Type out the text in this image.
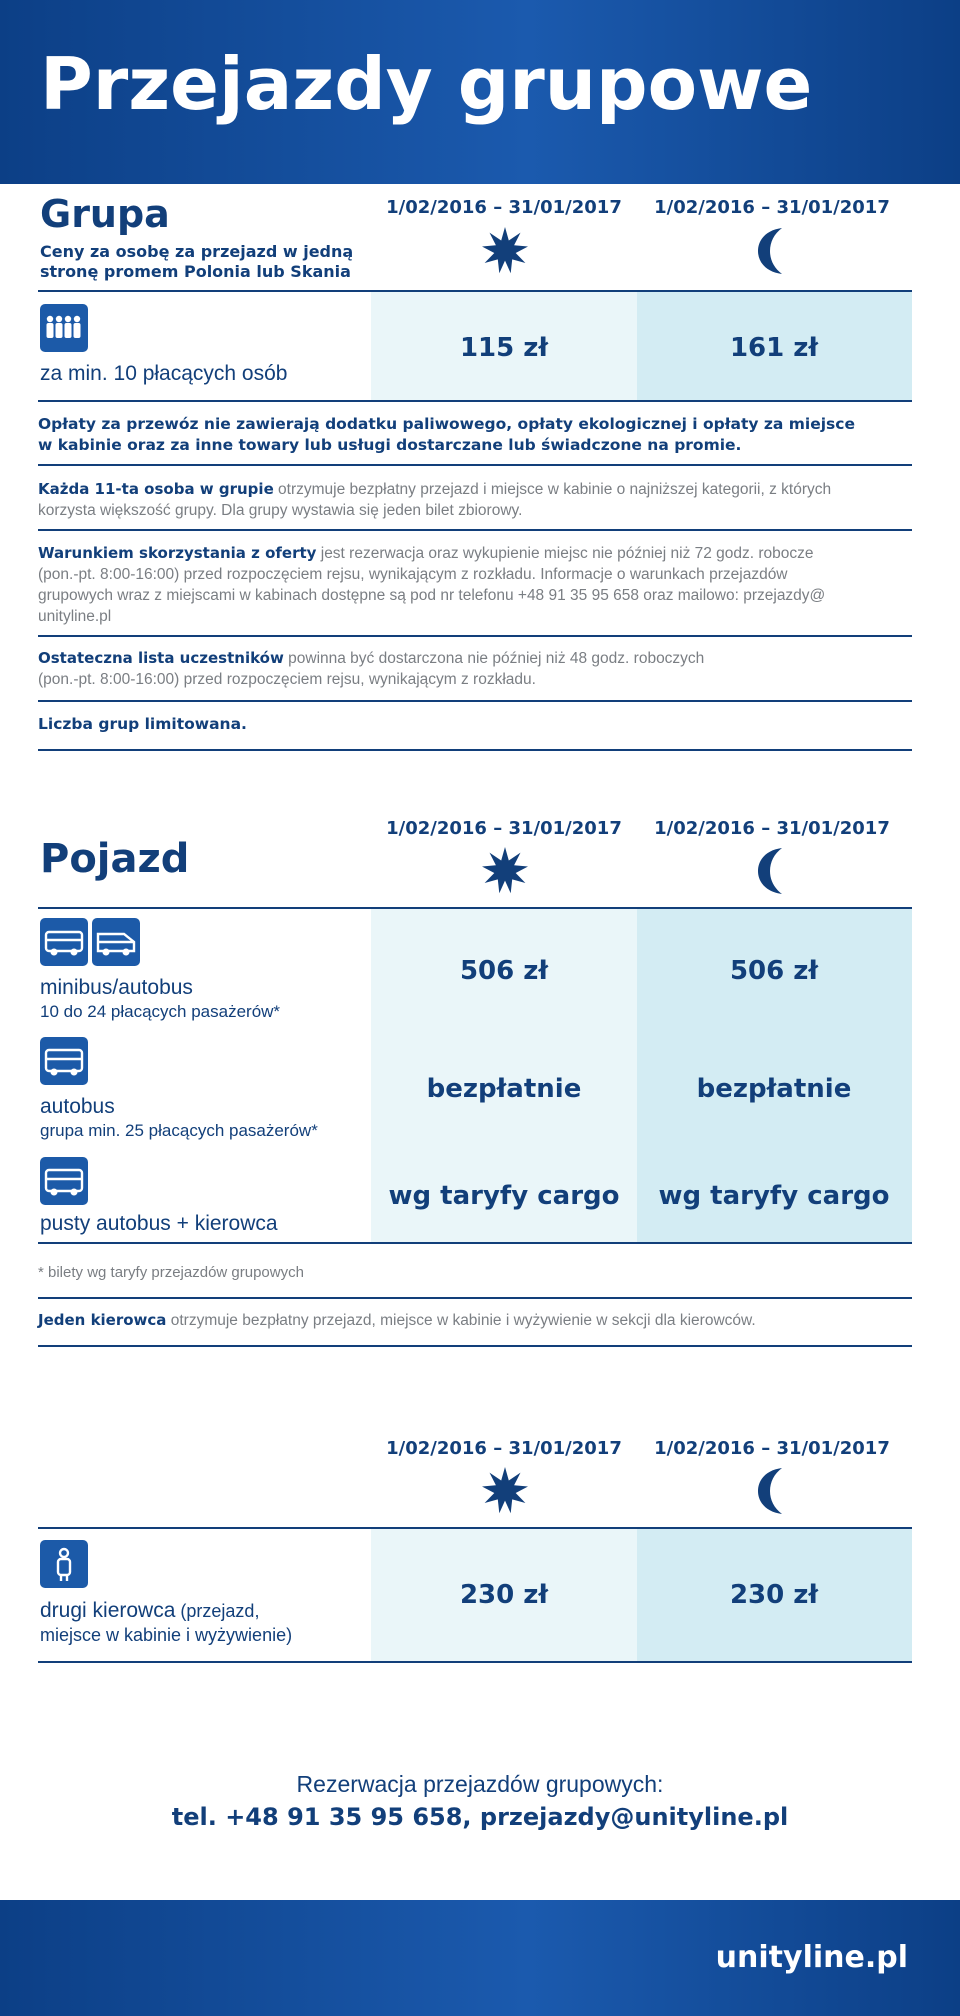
Przejazdy grupowe
Grupa
Ceny za osobę za przejazd w jedną
stronę promem Polonia lub Skania
1/02/2016 – 31/01/2017	1/02/2016 – 31/01/2017
za min. 10 płacących osób
115 zł	161 zł
Opłaty za przewóz nie zawierają dodatku paliwowego, opłaty ekologicznej i opłaty za miejsce
w kabinie oraz za inne towary lub usługi dostarczane lub świadczone na promie.
Każda 11-ta osoba w grupie otrzymuje bezpłatny przejazd i miejsce w kabinie o najniższej kategorii, z których
korzysta większość grupy. Dla grupy wystawia się jeden bilet zbiorowy.
Warunkiem skorzystania z oferty jest rezerwacja oraz wykupienie miejsc nie później niż 72 godz. robocze
(pon.-pt. 8:00-16:00) przed rozpoczęciem rejsu, wynikającym z rozkładu. Informacje o warunkach przejazdów
grupowych wraz z miejscami w kabinach dostępne są pod nr telefonu +48 91 35 95 658 oraz mailowo: przejazdy@
unityline.pl
Ostateczna lista uczestników powinna być dostarczona nie później niż 48 godz. roboczych
(pon.-pt. 8:00-16:00) przed rozpoczęciem rejsu, wynikającym z rozkładu.
Liczba grup limitowana.
Pojazd
1/02/2016 – 31/01/2017	1/02/2016 – 31/01/2017
minibus/autobus
10 do 24 płacących pasażerów*
506 zł	506 zł
autobus
grupa min. 25 płacących pasażerów*
bezpłatnie	bezpłatnie
pusty autobus + kierowca
wg taryfy cargo	wg taryfy cargo
* bilety wg taryfy przejazdów grupowych
Jeden kierowca otrzymuje bezpłatny przejazd, miejsce w kabinie i wyżywienie w sekcji dla kierowców.
1/02/2016 – 31/01/2017	1/02/2016 – 31/01/2017
drugi kierowca (przejazd,
miejsce w kabinie i wyżywienie)
230 zł	230 zł
Rezerwacja przejazdów grupowych:
tel. +48 91 35 95 658, przejazdy@unityline.pl
unityline.pl
